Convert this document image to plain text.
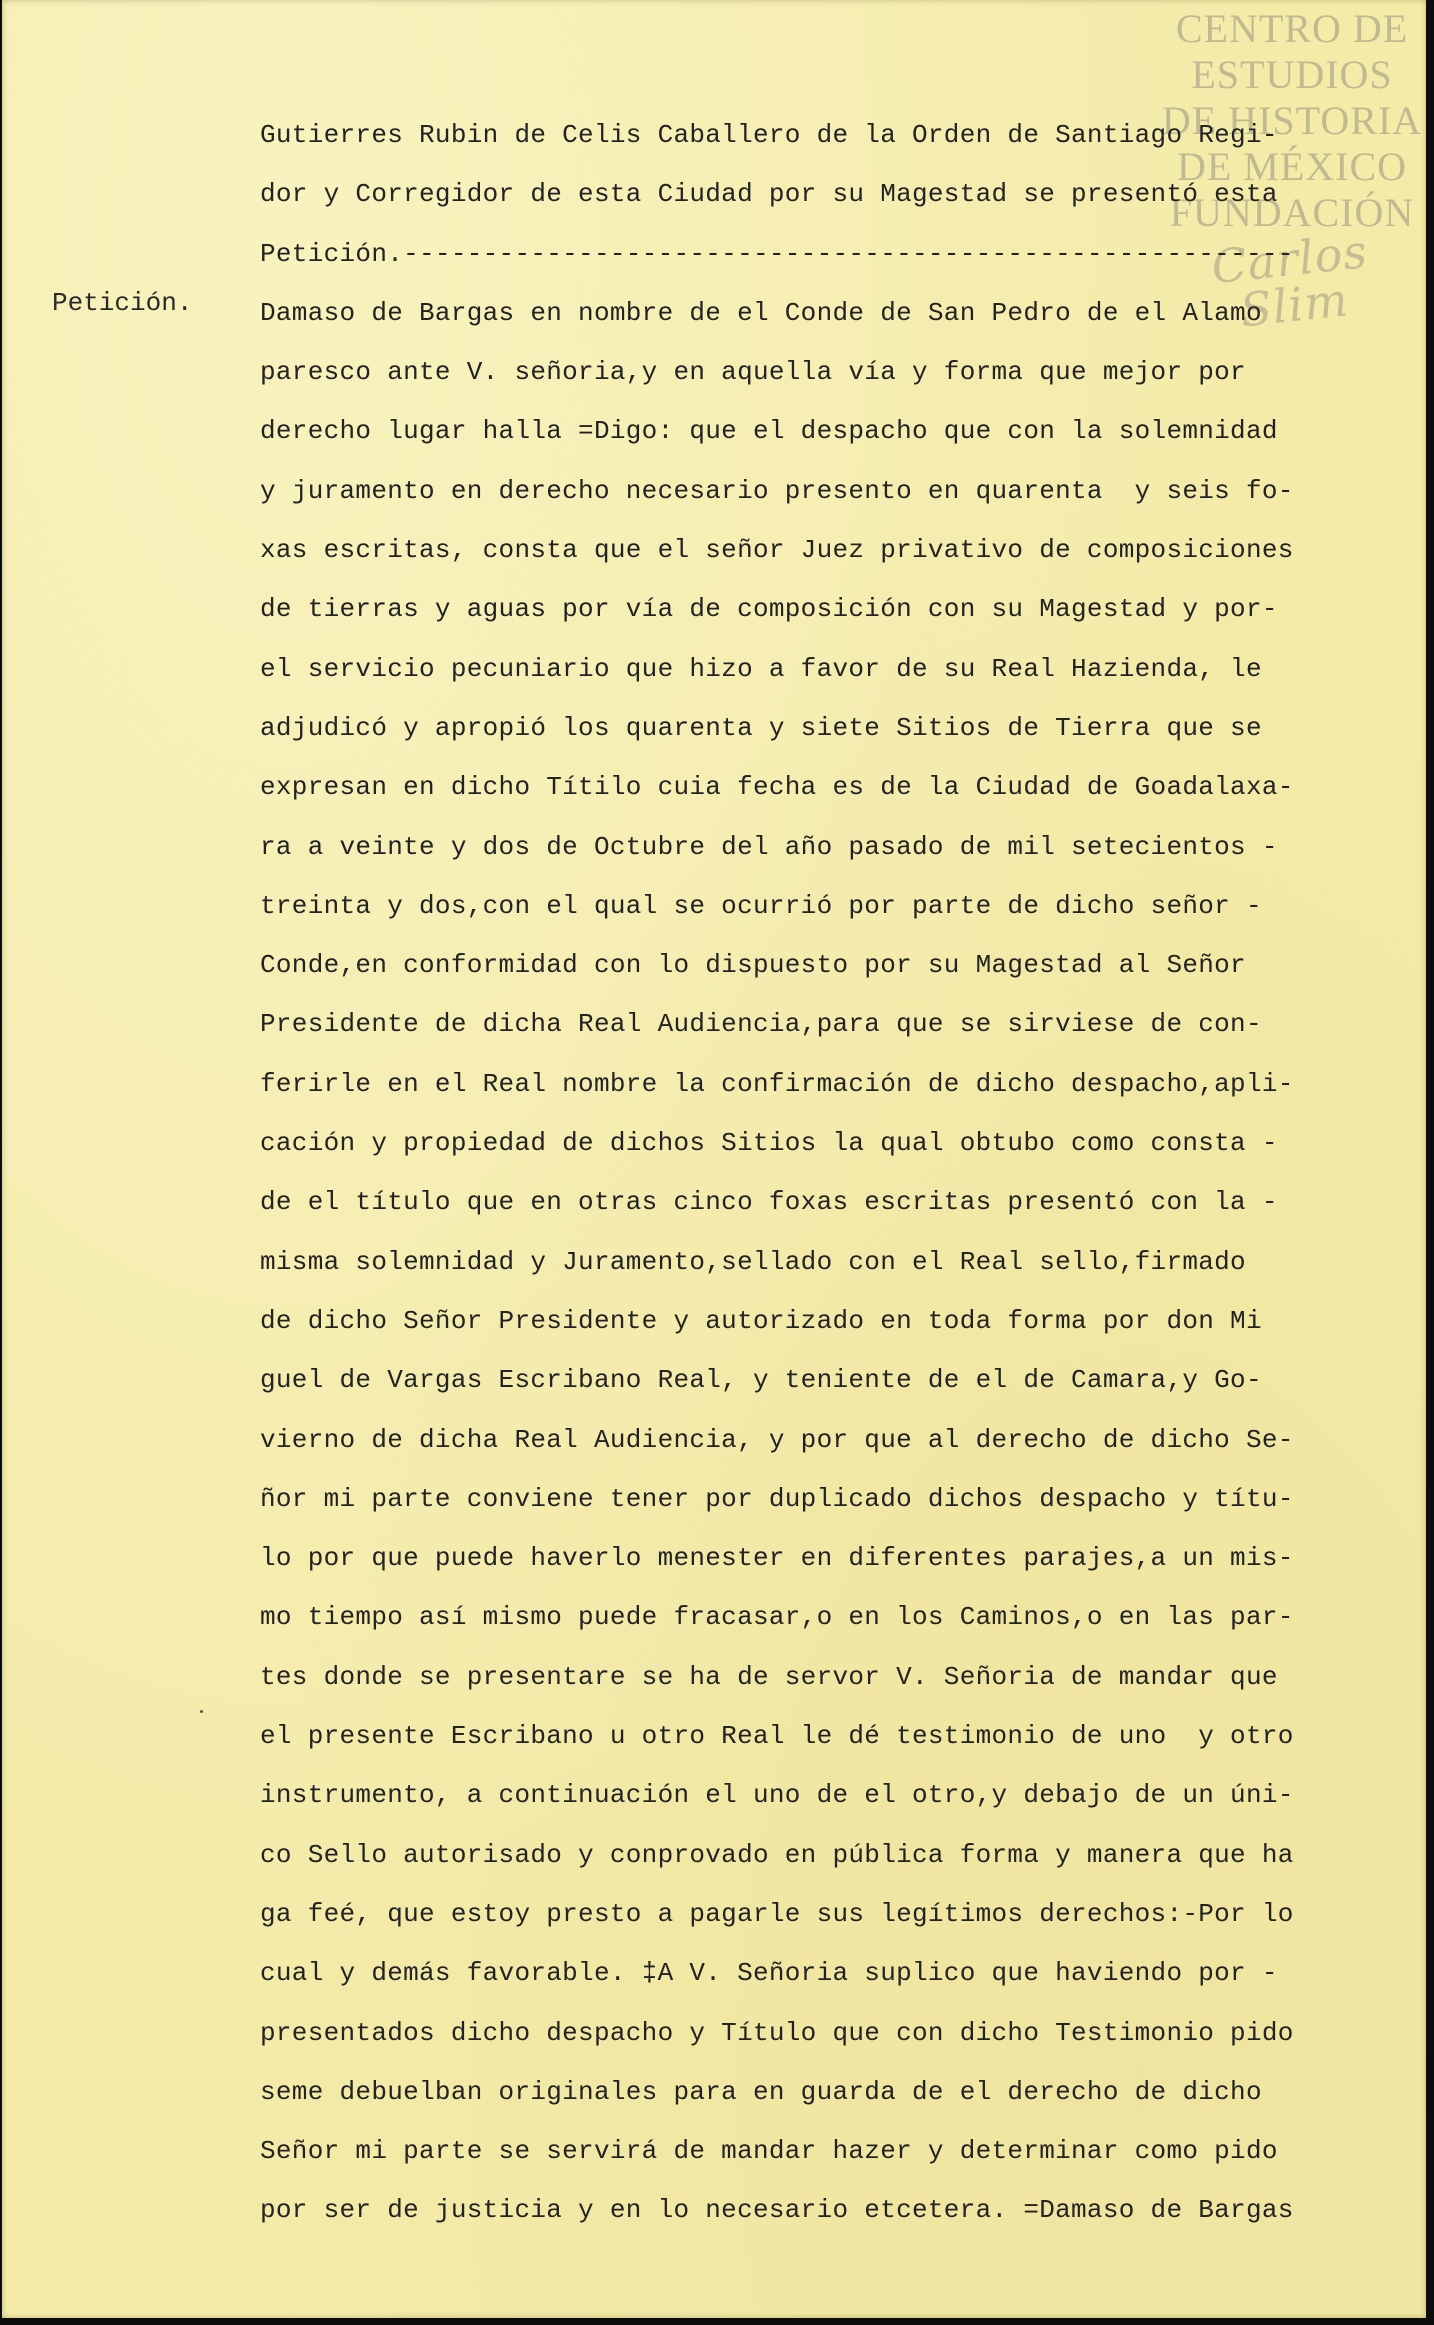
CENTRO DE
ESTUDIOS
DE HISTORIA
DE MÉXICO
FUNDACIÓN
Carlos Slim
Petición.
Gutierres Rubin de Celis Caballero de la Orden de Santiago Regi-
dor y Corregidor de esta Ciudad por su Magestad se presentó esta
Petición.--------------------------------------------------------
Damaso de Bargas en nombre de el Conde de San Pedro de el Alamo
paresco ante V. señoria,y en aquella vía y forma que mejor por
derecho lugar halla =Digo: que el despacho que con la solemnidad
y juramento en derecho necesario presento en quarenta  y seis fo-
xas escritas, consta que el señor Juez privativo de composiciones
de tierras y aguas por vía de composición con su Magestad y por-
el servicio pecuniario que hizo a favor de su Real Hazienda, le
adjudicó y apropió los quarenta y siete Sitios de Tierra que se
expresan en dicho Títilo cuia fecha es de la Ciudad de Goadalaxa-
ra a veinte y dos de Octubre del año pasado de mil setecientos -
treinta y dos,con el qual se ocurrió por parte de dicho señor -
Conde,en conformidad con lo dispuesto por su Magestad al Señor
Presidente de dicha Real Audiencia,para que se sirviese de con-
ferirle en el Real nombre la confirmación de dicho despacho,apli-
cación y propiedad de dichos Sitios la qual obtubo como consta -
de el título que en otras cinco foxas escritas presentó con la -
misma solemnidad y Juramento,sellado con el Real sello,firmado
de dicho Señor Presidente y autorizado en toda forma por don Mi
guel de Vargas Escribano Real, y teniente de el de Camara,y Go-
vierno de dicha Real Audiencia, y por que al derecho de dicho Se-
ñor mi parte conviene tener por duplicado dichos despacho y títu-
lo por que puede haverlo menester en diferentes parajes,a un mis-
mo tiempo así mismo puede fracasar,o en los Caminos,o en las par-
tes donde se presentare se ha de servor V. Señoria de mandar que
el presente Escribano u otro Real le dé testimonio de uno  y otro
instrumento, a continuación el uno de el otro,y debajo de un úni-
co Sello autorisado y conprovado en pública forma y manera que ha
ga feé, que estoy presto a pagarle sus legítimos derechos:-Por lo
cual y demás favorable. ‡A V. Señoria suplico que haviendo por -
presentados dicho despacho y Título que con dicho Testimonio pido
seme debuelban originales para en guarda de el derecho de dicho
Señor mi parte se servirá de mandar hazer y determinar como pido
por ser de justicia y en lo necesario etcetera. =Damaso de Bargas
